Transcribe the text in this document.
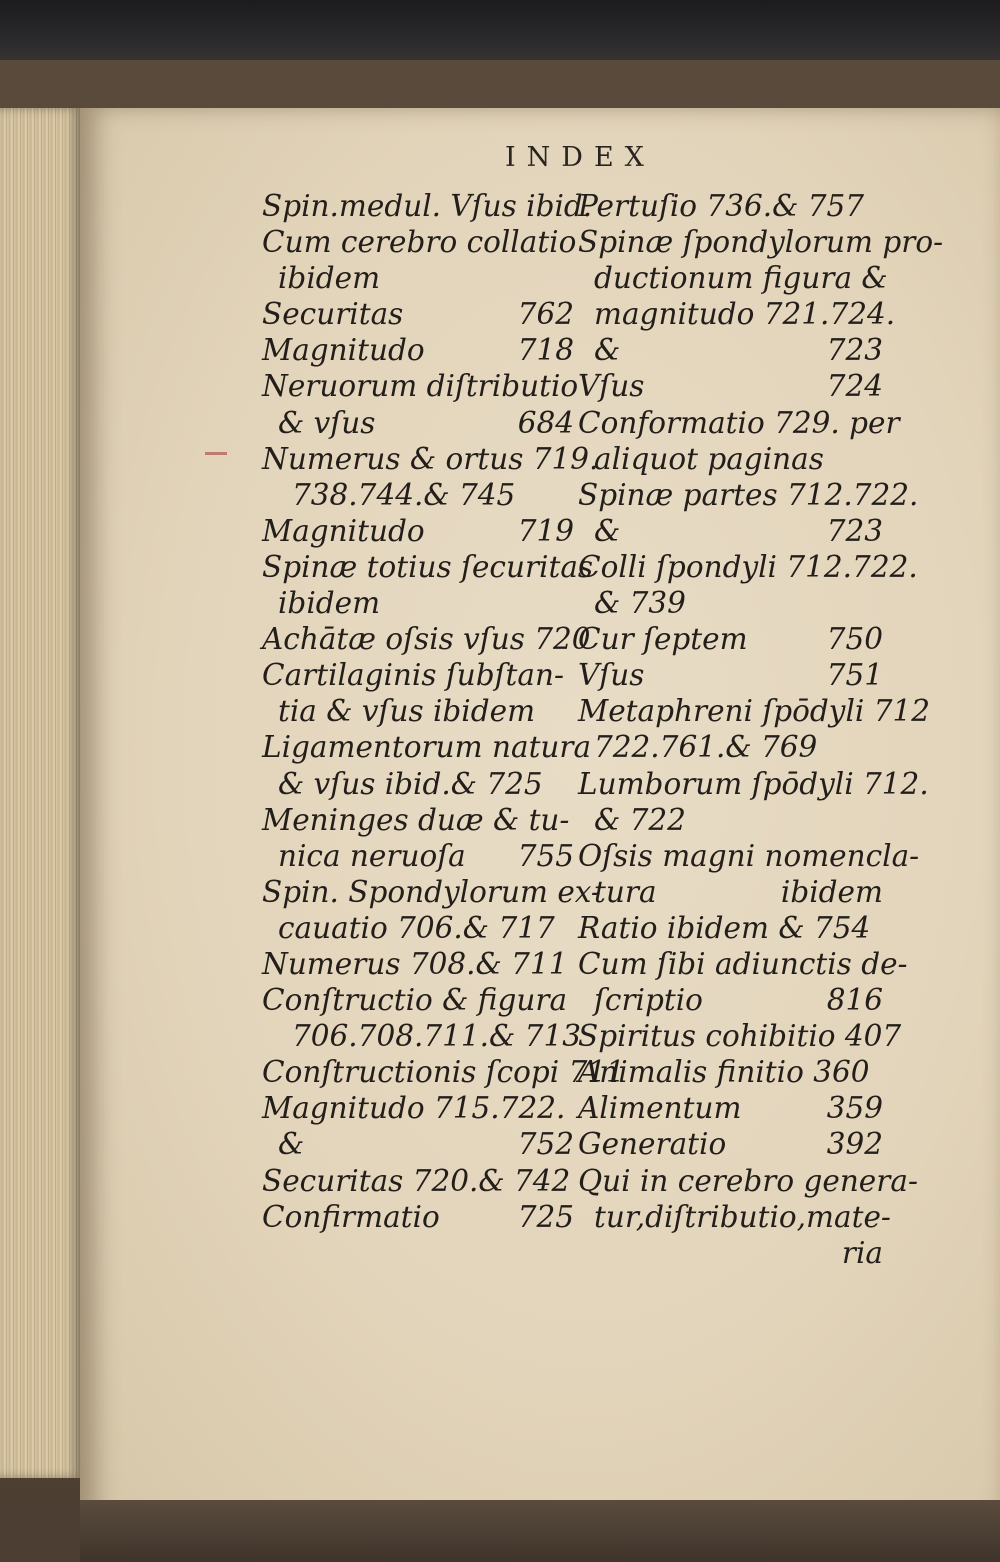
INDEX
Spin.medul. Vſus ibid.
Cum cerebro collatio
ibidem
Securitas	762
Magnitudo	718
Neruorum diſtributio
& vſus	684
Numerus & ortus 719.
738.744.& 745
Magnitudo	719
Spinæ totius ſecuritas
ibidem
Achātæ oſsis vſus 720
Cartilaginis ſubſtan-
tia & vſus ibidem
Ligamentorum natura
& vſus ibid.& 725
Meninges duæ & tu-
nica neruoſa 755
Spin. Spondylorum ex-
cauatio 706.& 717
Numerus 708.& 711
Conſtructio & figura
706.708.711.& 713
Conſtructionis ſcopi 711
Magnitudo 715.722.
&	752
Securitas 720.& 742
Confirmatio	725
Pertuſio 736.& 757
Spinæ ſpondylorum pro-
ductionum figura &
magnitudo 721.724.
&	723
Vſus	724
Conformatio 729. per
aliquot paginas
Spinæ partes 712.722.
&	723
Colli ſpondyli 712.722.
& 739
Cur ſeptem	750
Vſus	751
Metaphreni ſpōdyli 712
722.761.& 769
Lumborum ſpōdyli 712.
& 722
Oſsis magni nomencla-
tura	ibidem
Ratio ibidem & 754
Cum ſibi adiunctis de-
ſcriptio	816
Spiritus cohibitio 407
Animalis finitio 360
Alimentum	359
Generatio	392
Qui in cerebro genera-
tur,diſtributio,mate-
ria
